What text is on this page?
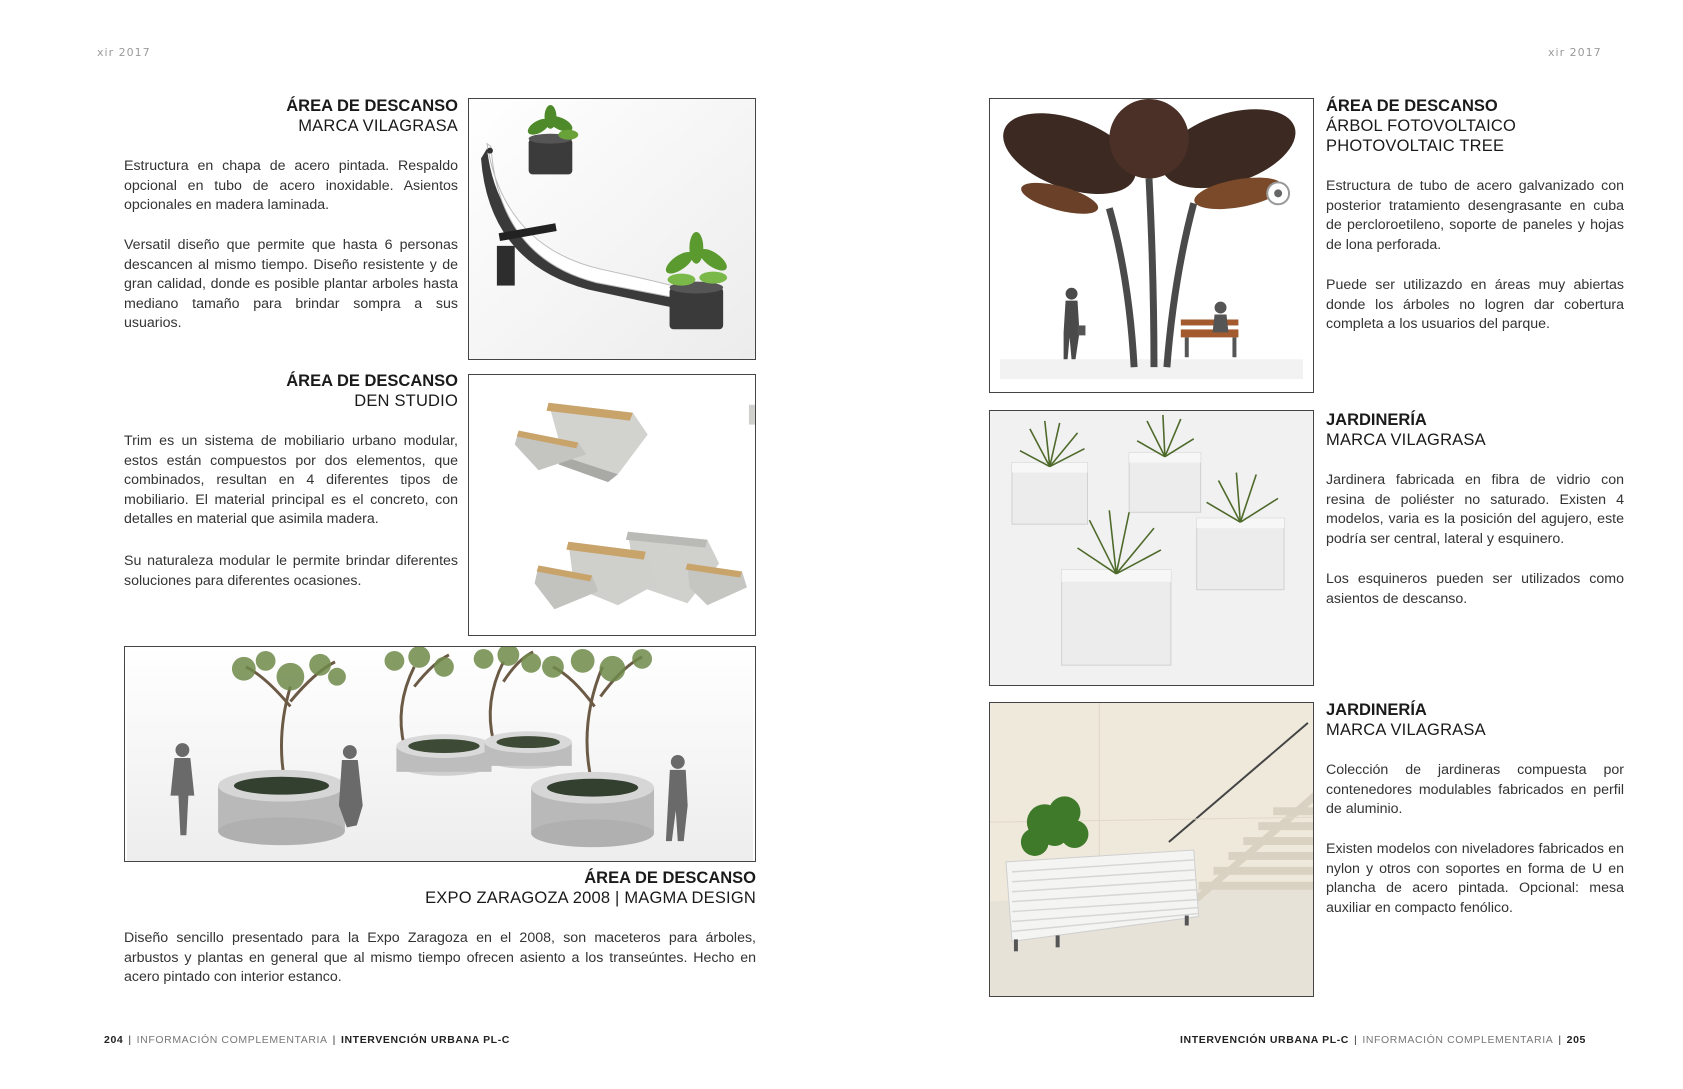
xir 2017	xir 2017
ÁREA DE DESCANSO
MARCA VILAGRASA

Estructura en chapa de acero pintada. Respaldo opcional en tubo de acero inoxidable. Asientos opcionales en madera laminada.

Versatil diseño que permite que hasta 6 personas descancen al mismo tiempo. Diseño resistente y de gran calidad, donde es posible plantar arboles hasta mediano tamaño para brindar sompra a sus usuarios.

ÁREA DE DESCANSO
DEN STUDIO

Trim es un sistema de mobiliario urbano modular, estos están compuestos por dos elementos, que combinados, resultan en 4 diferentes tipos de mobiliario. El material principal es el concreto, con detalles en material que asimila madera.

Su naturaleza modular le permite brindar diferentes soluciones para diferentes ocasiones.

ÁREA DE DESCANSO
EXPO ZARAGOZA 2008 | MAGMA DESIGN

Diseño sencillo presentado para la Expo Zaragoza en el 2008, son maceteros para árboles, arbustos y plantas en general que al mismo tiempo ofrecen asiento a los transeúntes. Hecho en acero pintado con interior estanco.

204 | INFORMACIÓN COMPLEMENTARIA | INTERVENCIÓN URBANA PL-C
ÁREA DE DESCANSO
ÁRBOL FOTOVOLTAICO
PHOTOVOLTAIC TREE

Estructura de tubo de acero galvanizado con posterior tratamiento desengrasante en cuba de percloroetileno, soporte de paneles y hojas de lona perforada.

Puede ser utilizazdo en áreas muy abiertas donde los árboles no logren dar cobertura completa a los usuarios del parque.

JARDINERÍA
MARCA VILAGRASA

Jardinera fabricada en fibra de vidrio con resina de poliéster no saturado. Existen 4 modelos, varia es la posición del agujero, este podría ser central, lateral y esquinero.

Los esquineros pueden ser utilizados como asientos de descanso.

JARDINERÍA
MARCA VILAGRASA

Colección de jardineras compuesta por contenedores modulables fabricados en perfil de aluminio.

Existen modelos con niveladores fabricados en nylon y otros con soportes en forma de U en plancha de acero pintada. Opcional: mesa auxiliar en compacto fenólico.

INTERVENCIÓN URBANA PL-C | INFORMACIÓN COMPLEMENTARIA | 205
